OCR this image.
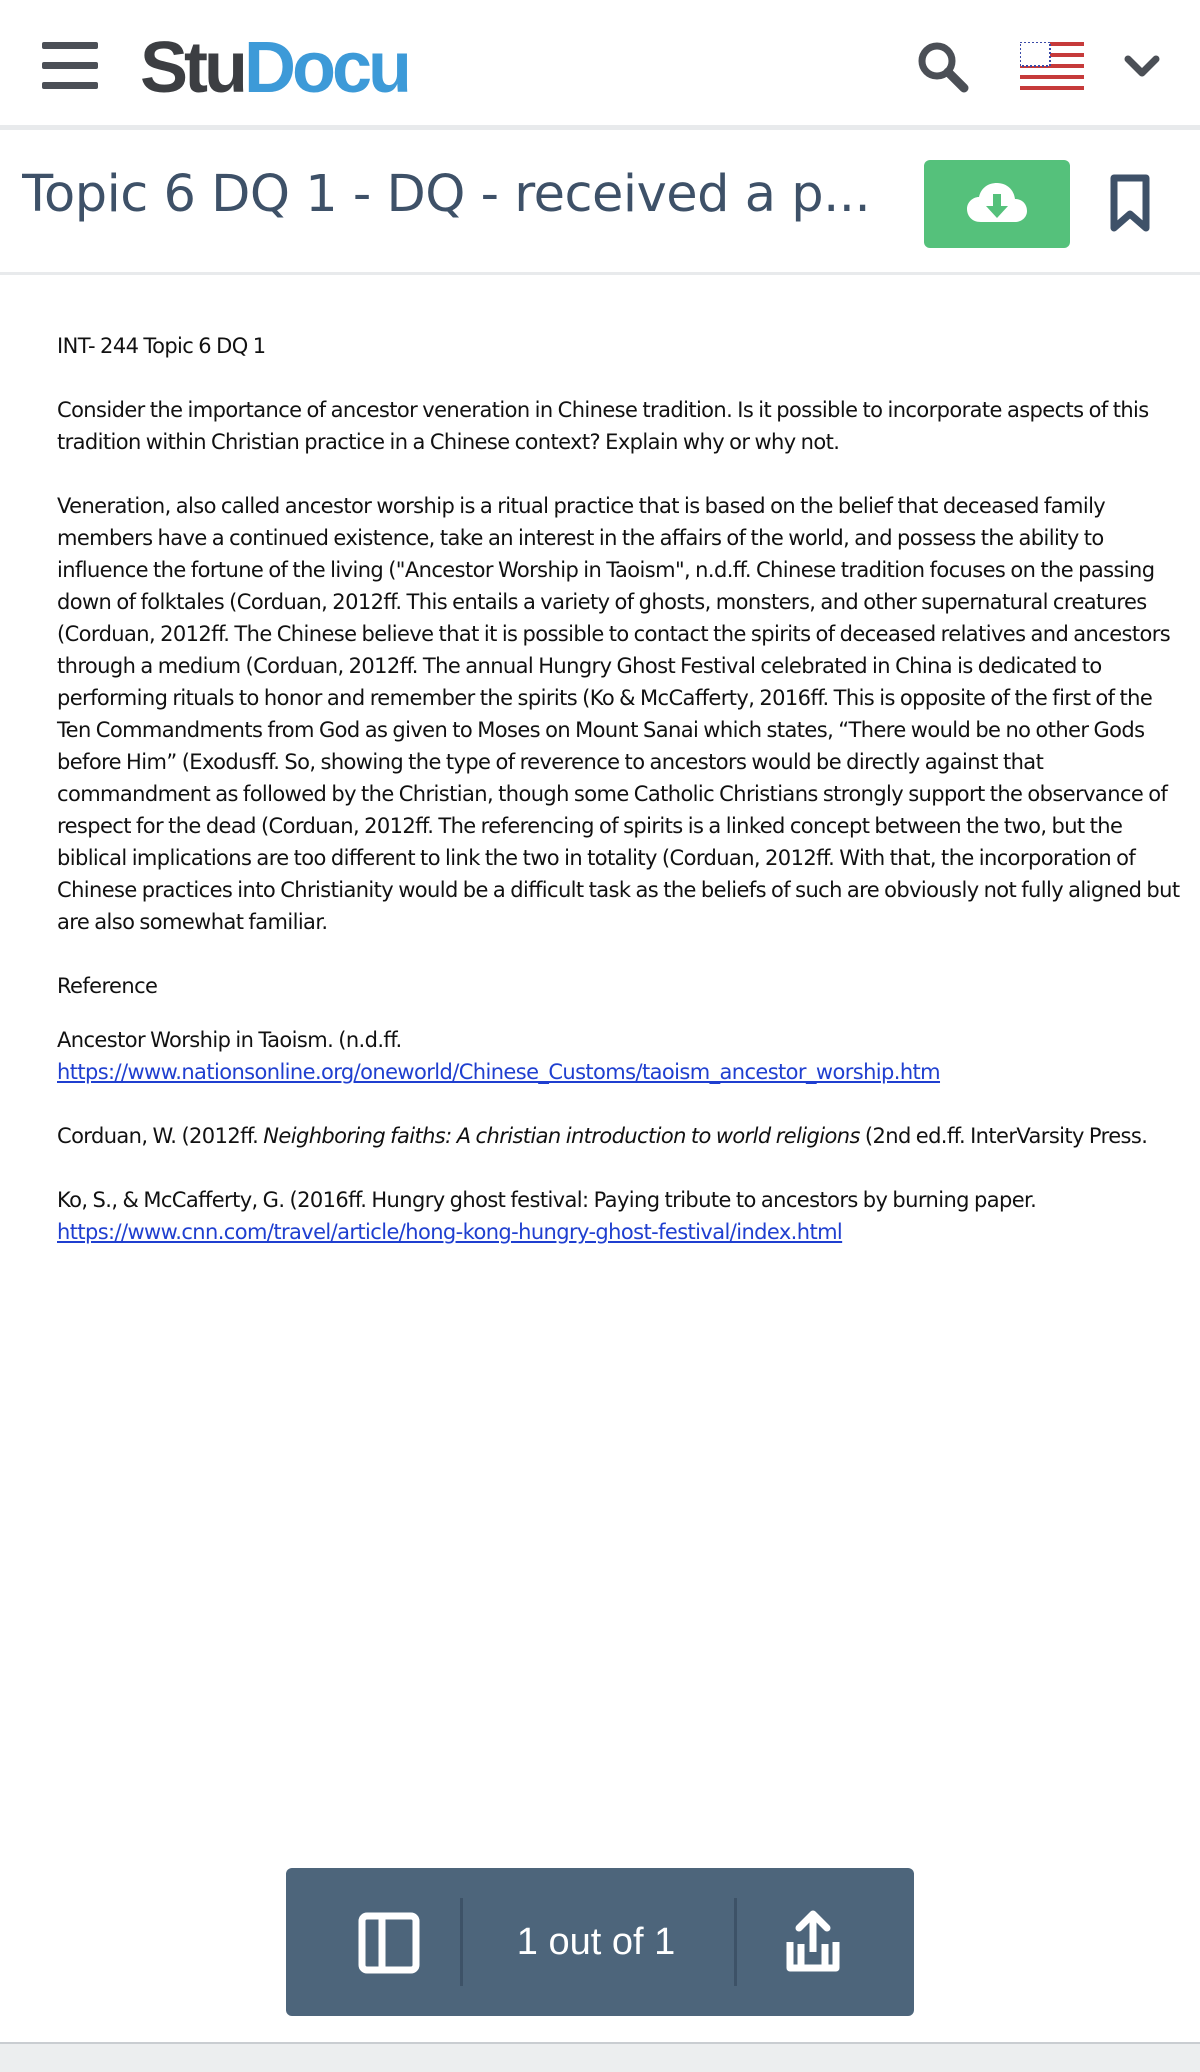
StuDocu
Topic 6 DQ 1 - DQ - received a p...

INT- 244 Topic 6 DQ 1

Consider the importance of ancestor veneration in Chinese tradition. Is it possible to incorporate aspects of this tradition within Christian practice in a Chinese context? Explain why or why not.

Veneration, also called ancestor worship is a ritual practice that is based on the belief that deceased family members have a continued existence, take an interest in the affairs of the world, and possess the ability to influence the fortune of the living ("Ancestor Worship in Taoism", n.d.ff. Chinese tradition focuses on the passing down of folktales (Corduan, 2012ff. This entails a variety of ghosts, monsters, and other supernatural creatures (Corduan, 2012ff. The Chinese believe that it is possible to contact the spirits of deceased relatives and ancestors through a medium (Corduan, 2012ff. The annual Hungry Ghost Festival celebrated in China is dedicated to performing rituals to honor and remember the spirits (Ko & McCafferty, 2016ff. This is opposite of the first of the Ten Commandments from God as given to Moses on Mount Sanai which states, “There would be no other Gods before Him” (Exodusff. So, showing the type of reverence to ancestors would be directly against that commandment as followed by the Christian, though some Catholic Christians strongly support the observance of respect for the dead (Corduan, 2012ff. The referencing of spirits is a linked concept between the two, but the biblical implications are too different to link the two in totality (Corduan, 2012ff. With that, the incorporation of Chinese practices into Christianity would be a difficult task as the beliefs of such are obviously not fully aligned but are also somewhat familiar.

Reference

Ancestor Worship in Taoism. (n.d.ff.
https://www.nationsonline.org/oneworld/Chinese_Customs/taoism_ancestor_worship.htm

Corduan, W. (2012ff. Neighboring faiths: A christian introduction to world religions (2nd ed.ff. InterVarsity Press.

Ko, S., & McCafferty, G. (2016ff. Hungry ghost festival: Paying tribute to ancestors by burning paper.
https://www.cnn.com/travel/article/hong-kong-hungry-ghost-festival/index.html

1 out of 1
